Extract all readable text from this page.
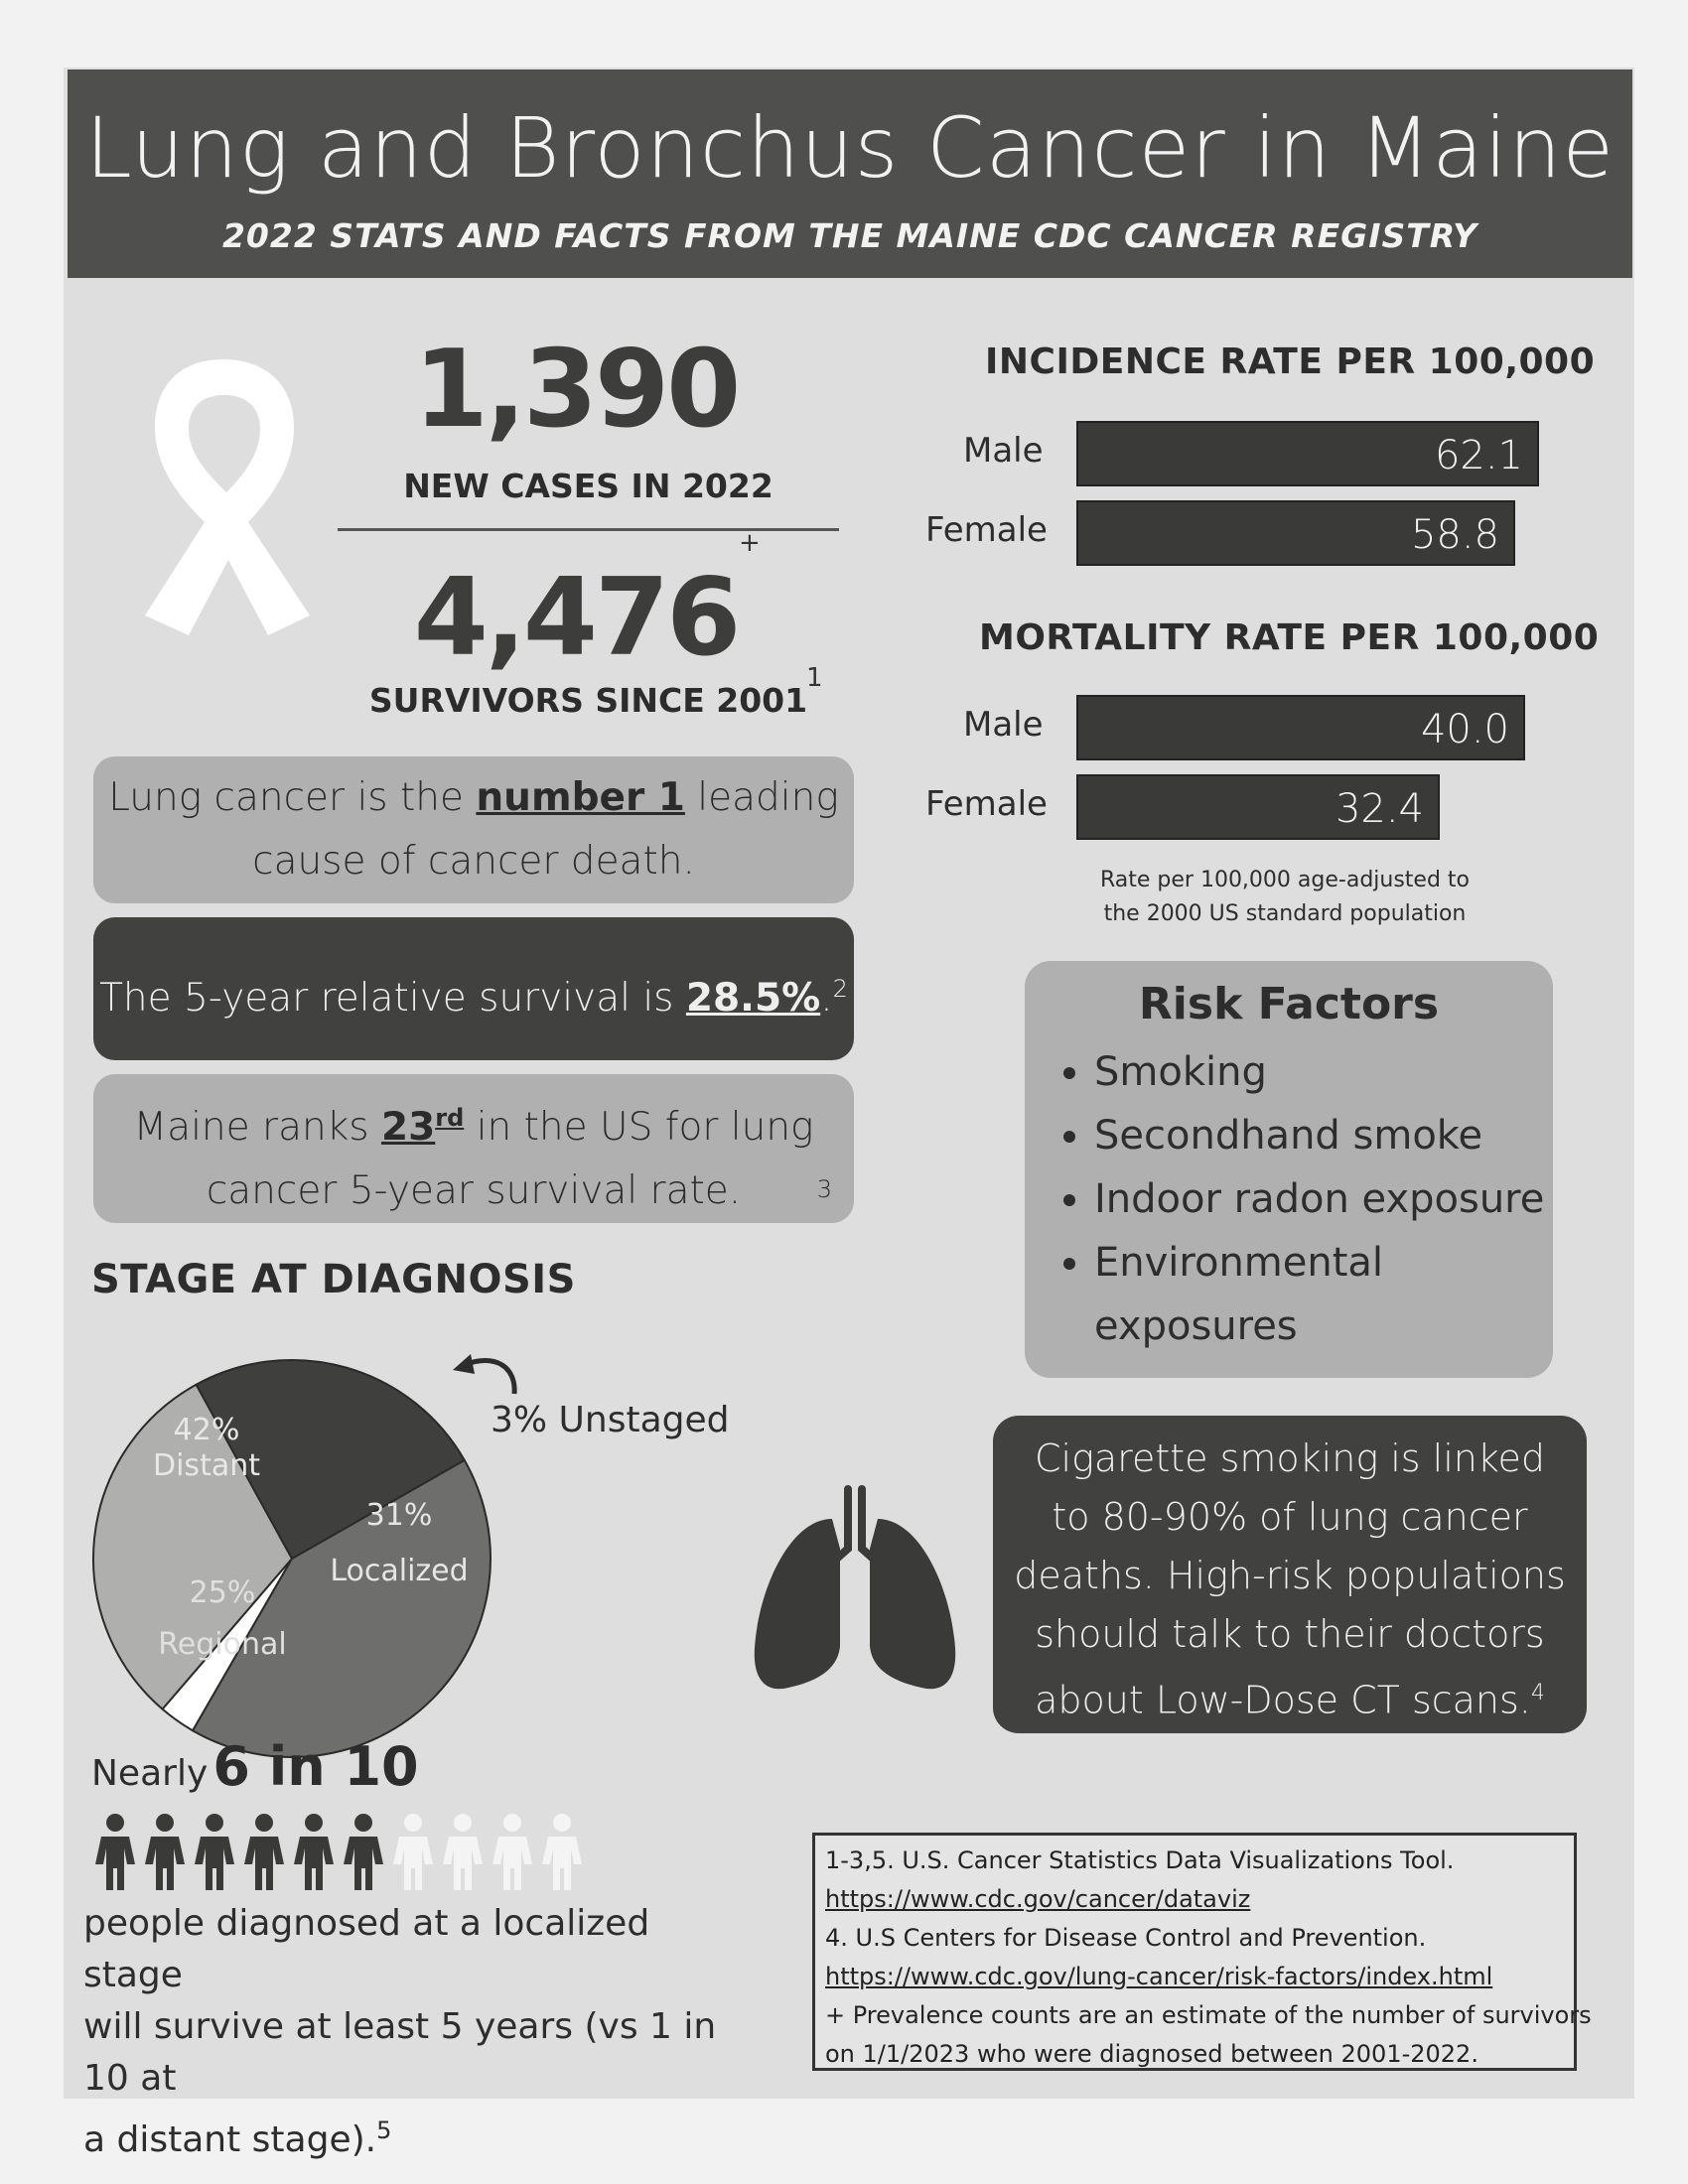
Lung and Bronchus Cancer in Maine
2022 STATS AND FACTS FROM THE MAINE CDC CANCER REGISTRY
1,390
NEW CASES IN 2022
4,476
+
SURVIVORS SINCE 2001
1
Lung cancer is the number 1 leading
cause of cancer death.
The 5-year relative survival is 28.5%.$^2$
Maine ranks 23rd in the US for lung
cancer 5-year survival rate.	3
INCIDENCE RATE PER 100,000
Male	62.1
Female	58.8
MORTALITY RATE PER 100,000
Male	40.0
Female	32.4
Rate per 100,000 age-adjusted to
the 2000 US standard population
Risk Factors
• Smoking
• Secondhand smoke
• Indoor radon exposure
• Environmental exposures
STAGE AT DIAGNOSIS
42%
Distant
31%
Localized
25%
Regional
3% Unstaged
Nearly 6 in 10
people diagnosed at a localized stage
will survive at least 5 years (vs 1 in 10 at
a distant stage).$^5$
Cigarette smoking is linked
to 80-90% of lung cancer
deaths. High-risk populations
should talk to their doctors
about Low-Dose CT scans.$^4$
1-3,5. U.S. Cancer Statistics Data Visualizations Tool.
https://www.cdc.gov/cancer/dataviz
4. U.S Centers for Disease Control and Prevention.
https://www.cdc.gov/lung-cancer/risk-factors/index.html
+ Prevalence counts are an estimate of the number of survivors
on 1/1/2023 who were diagnosed between 2001-2022.
